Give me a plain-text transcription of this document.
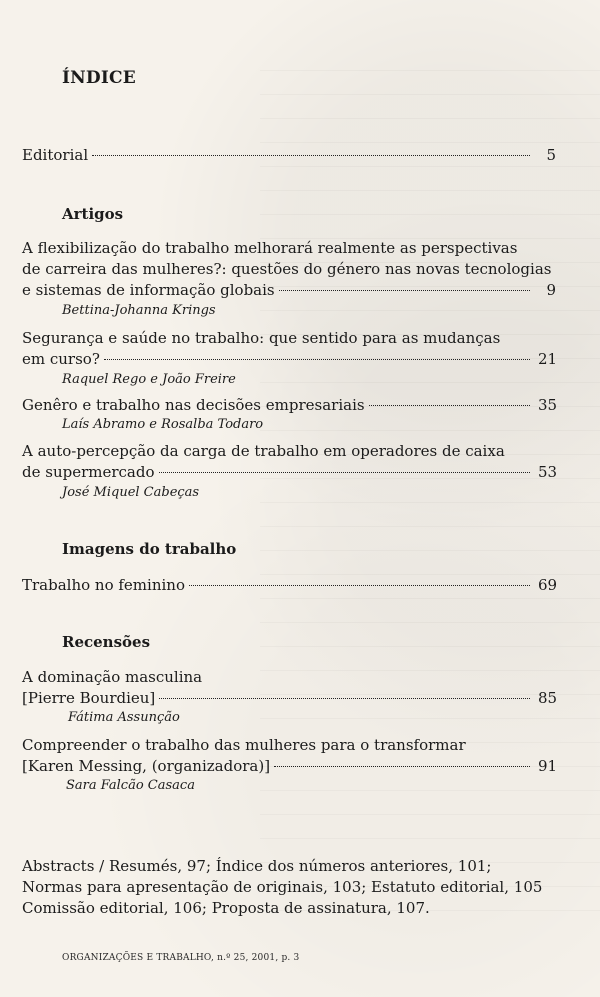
ÍNDICE
Editorial	5
Artigos
A flexibilização do trabalho melhorará realmente as perspectivas
de carreira das mulheres?: questões do género nas novas tecnologias
e sistemas de informação globais	9
Bettina-Johanna Krings
Segurança e saúde no trabalho: que sentido para as mudanças
em curso?	21
Raquel Rego e João Freire
Genêro e trabalho nas decisões empresariais	35
Laís Abramo e Rosalba Todaro
A auto-percepção da carga de trabalho em operadores de caixa
de supermercado	53
José Miquel Cabeças
Imagens do trabalho
Trabalho no feminino	69
Recensões
A dominação masculina
[Pierre Bourdieu]	85
Fátima Assunção
Compreender o trabalho das mulheres para o transformar
[Karen Messing, (organizadora)]	91
Sara Falcão Casaca
Abstracts / Resumés, 97; Índice dos números anteriores, 101;
Normas para apresentação de originais, 103; Estatuto editorial, 105
Comissão editorial, 106; Proposta de assinatura, 107.
ORGANIZAÇÕES E TRABALHO, n.º 25, 2001, p. 3
